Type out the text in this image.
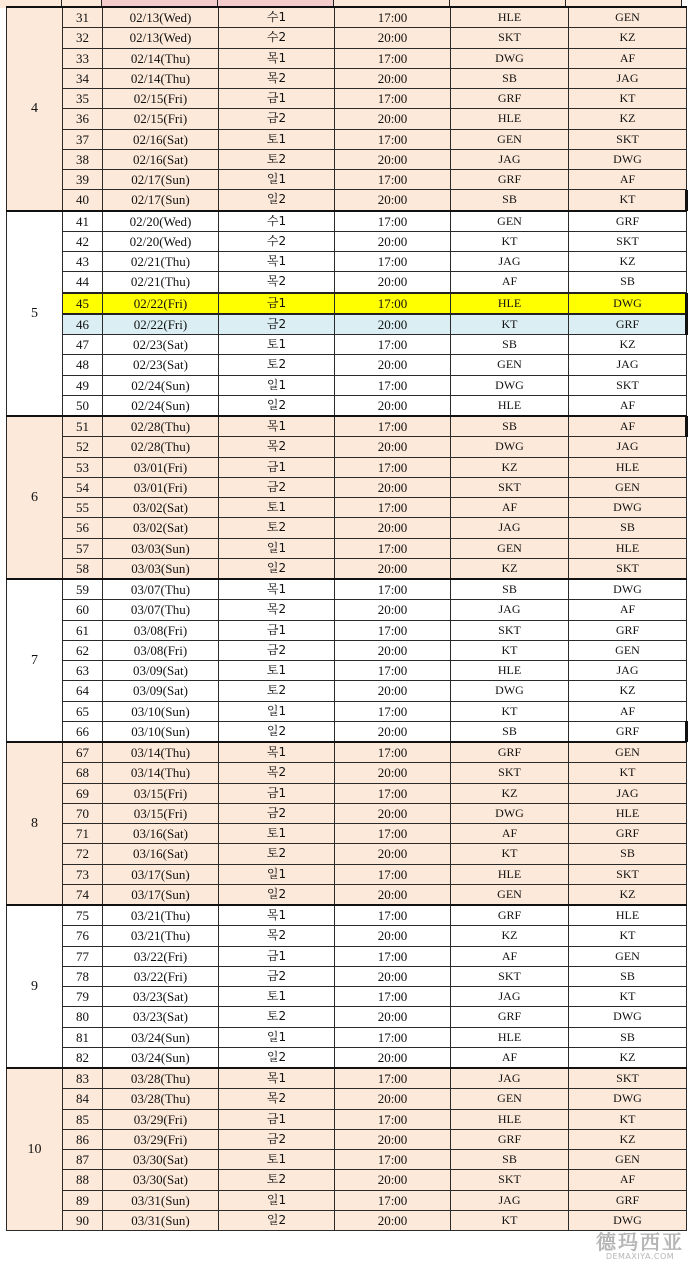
4	31	02/13(Wed)	수1	17:00	HLE	GEN
	32	02/13(Wed)	수2	20:00	SKT	KZ
	33	02/14(Thu)	목1	17:00	DWG	AF
	34	02/14(Thu)	목2	20:00	SB	JAG
	35	02/15(Fri)	금1	17:00	GRF	KT
	36	02/15(Fri)	금2	20:00	HLE	KZ
	37	02/16(Sat)	토1	17:00	GEN	SKT
	38	02/16(Sat)	토2	20:00	JAG	DWG
	39	02/17(Sun)	일1	17:00	GRF	AF
	40	02/17(Sun)	일2	20:00	SB	KT
5	41	02/20(Wed)	수1	17:00	GEN	GRF
	42	02/20(Wed)	수2	20:00	KT	SKT
	43	02/21(Thu)	목1	17:00	JAG	KZ
	44	02/21(Thu)	목2	20:00	AF	SB
	45	02/22(Fri)	금1	17:00	HLE	DWG
	46	02/22(Fri)	금2	20:00	KT	GRF
	47	02/23(Sat)	토1	17:00	SB	KZ
	48	02/23(Sat)	토2	20:00	GEN	JAG
	49	02/24(Sun)	일1	17:00	DWG	SKT
	50	02/24(Sun)	일2	20:00	HLE	AF
6	51	02/28(Thu)	목1	17:00	SB	AF
	52	02/28(Thu)	목2	20:00	DWG	JAG
	53	03/01(Fri)	금1	17:00	KZ	HLE
	54	03/01(Fri)	금2	20:00	SKT	GEN
	55	03/02(Sat)	토1	17:00	AF	DWG
	56	03/02(Sat)	토2	20:00	JAG	SB
	57	03/03(Sun)	일1	17:00	GEN	HLE
	58	03/03(Sun)	일2	20:00	KZ	SKT
7	59	03/07(Thu)	목1	17:00	SB	DWG
	60	03/07(Thu)	목2	20:00	JAG	AF
	61	03/08(Fri)	금1	17:00	SKT	GRF
	62	03/08(Fri)	금2	20:00	KT	GEN
	63	03/09(Sat)	토1	17:00	HLE	JAG
	64	03/09(Sat)	토2	20:00	DWG	KZ
	65	03/10(Sun)	일1	17:00	KT	AF
	66	03/10(Sun)	일2	20:00	SB	GRF
8	67	03/14(Thu)	목1	17:00	GRF	GEN
	68	03/14(Thu)	목2	20:00	SKT	KT
	69	03/15(Fri)	금1	17:00	KZ	JAG
	70	03/15(Fri)	금2	20:00	DWG	HLE
	71	03/16(Sat)	토1	17:00	AF	GRF
	72	03/16(Sat)	토2	20:00	KT	SB
	73	03/17(Sun)	일1	17:00	HLE	SKT
	74	03/17(Sun)	일2	20:00	GEN	KZ
9	75	03/21(Thu)	목1	17:00	GRF	HLE
	76	03/21(Thu)	목2	20:00	KZ	KT
	77	03/22(Fri)	금1	17:00	AF	GEN
	78	03/22(Fri)	금2	20:00	SKT	SB
	79	03/23(Sat)	토1	17:00	JAG	KT
	80	03/23(Sat)	토2	20:00	GRF	DWG
	81	03/24(Sun)	일1	17:00	HLE	SB
	82	03/24(Sun)	일2	20:00	AF	KZ
10	83	03/28(Thu)	목1	17:00	JAG	SKT
	84	03/28(Thu)	목2	20:00	GEN	DWG
	85	03/29(Fri)	금1	17:00	HLE	KT
	86	03/29(Fri)	금2	20:00	GRF	KZ
	87	03/30(Sat)	토1	17:00	SB	GEN
	88	03/30(Sat)	토2	20:00	SKT	AF
	89	03/31(Sun)	일1	17:00	JAG	GRF
	90	03/31(Sun)	일2	20:00	KT	DWG
德玛西亚
DEMAXIYA.COM
